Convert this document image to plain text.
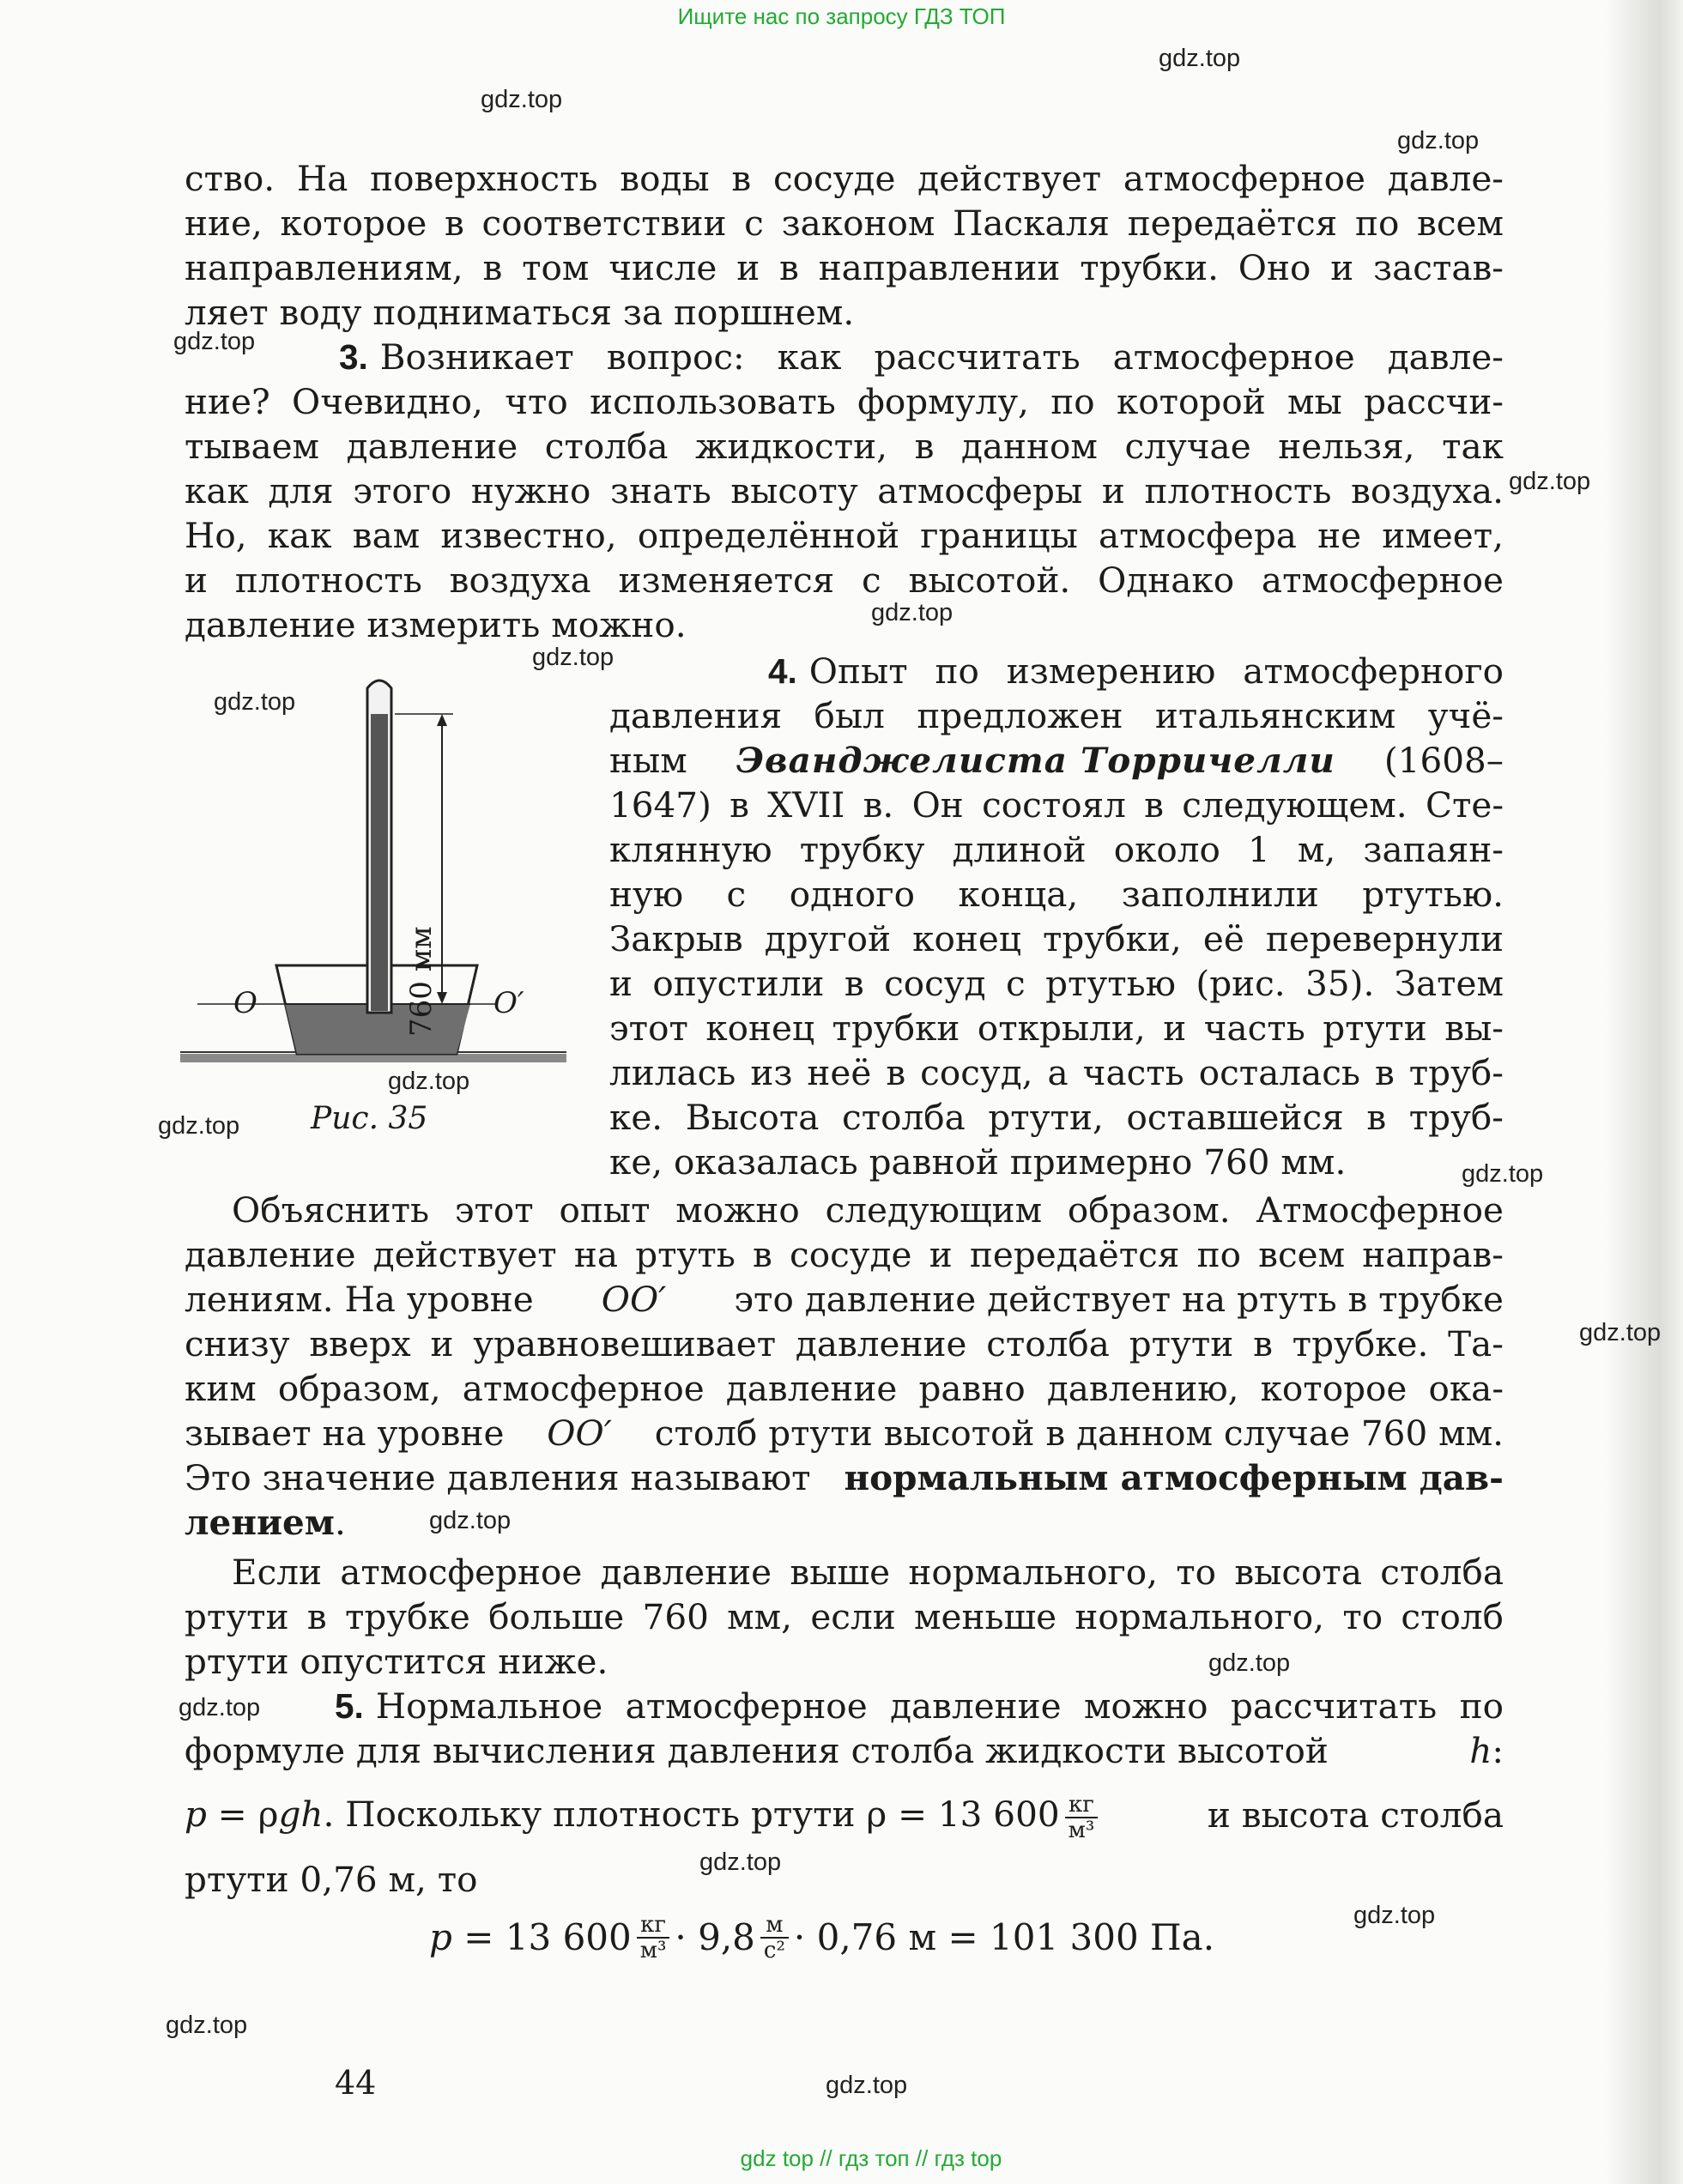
Ищите нас по запросу ГДЗ ТОП
gdz.top
gdz.top
gdz.top
gdz.top
gdz.top
gdz.top
gdz.top
gdz.top
gdz.top
gdz.top
gdz.top
gdz.top
gdz.top
gdz.top
gdz.top
gdz.top
gdz.top
gdz.top
gdz.top
ство. На поверхность воды в сосуде действует атмосферное давле-
ние, которое в соответствии с законом Паскаля передаётся по всем
направлениям, в том числе и в направлении трубки. Оно и застав-
ляет воду подниматься за поршнем.
3. Возникает вопрос: как рассчитать атмосферное давле-
ние? Очевидно, что использовать формулу, по которой мы рассчи-
тываем давление столба жидкости, в данном случае нельзя, так
как для этого нужно знать высоту атмосферы и плотность воздуха.
Но, как вам известно, определённой границы атмосфера не имеет,
и плотность воздуха изменяется с высотой. Однако атмосферное
давление измерить можно.
760 мм
O	O′
Рис. 35
4. Опыт по измерению атмосферного
давления был предложен итальянским учё-
ным Эванджелиста Торричелли (1608–
1647) в XVII в. Он состоял в следующем. Сте-
клянную трубку длиной около 1 м, запаян-
ную с одного конца, заполнили ртутью.
Закрыв другой конец трубки, её перевернули
и опустили в сосуд с ртутью (рис. 35). Затем
этот конец трубки открыли, и часть ртути вы-
лилась из неё в сосуд, а часть осталась в труб-
ке. Высота столба ртути, оставшейся в труб-
ке, оказалась равной примерно 760 мм.
Объяснить этот опыт можно следующим образом. Атмосферное
давление действует на ртуть в сосуде и передаётся по всем направ-
лениям. На уровне OO′ это давление действует на ртуть в трубке
снизу вверх и уравновешивает давление столба ртути в трубке. Та-
ким образом, атмосферное давление равно давлению, которое ока-
зывает на уровне OO′ столб ртути высотой в данном случае 760 мм.
Это значение давления называют нормальным атмосферным дав-
лением.
Если атмосферное давление выше нормального, то высота столба
ртути в трубке больше 760 мм, если меньше нормального, то столб
ртути опустится ниже.
5. Нормальное атмосферное давление можно рассчитать по
формуле для вычисления давления столба жидкости высотой	h:
p = ρgh. Поскольку плотность ртути ρ = 13 600 кг
м³	и высота столба
ртути 0,76 м, то
p = 13 600 кг
м³ · 9,8 м
с² · 0,76 м = 101 300 Па.
44
gdz top // гдз топ // гдз top
